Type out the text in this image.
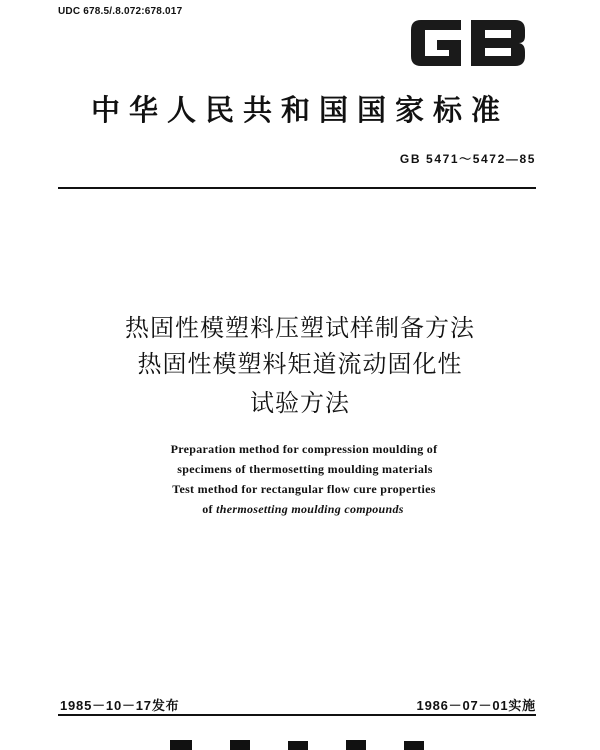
UDC 678.5/.8.072:678.017
中华人民共和国国家标准
GB 5471～5472—85
热固性模塑料压塑试样制备方法
热固性模塑料矩道流动固化性
试验方法
Preparation method for compression moulding of
specimens of thermosetting moulding materials
Test method for rectangular flow cure properties
of thermosetting moulding compounds
1985－10－17发布	1986－07－01实施
